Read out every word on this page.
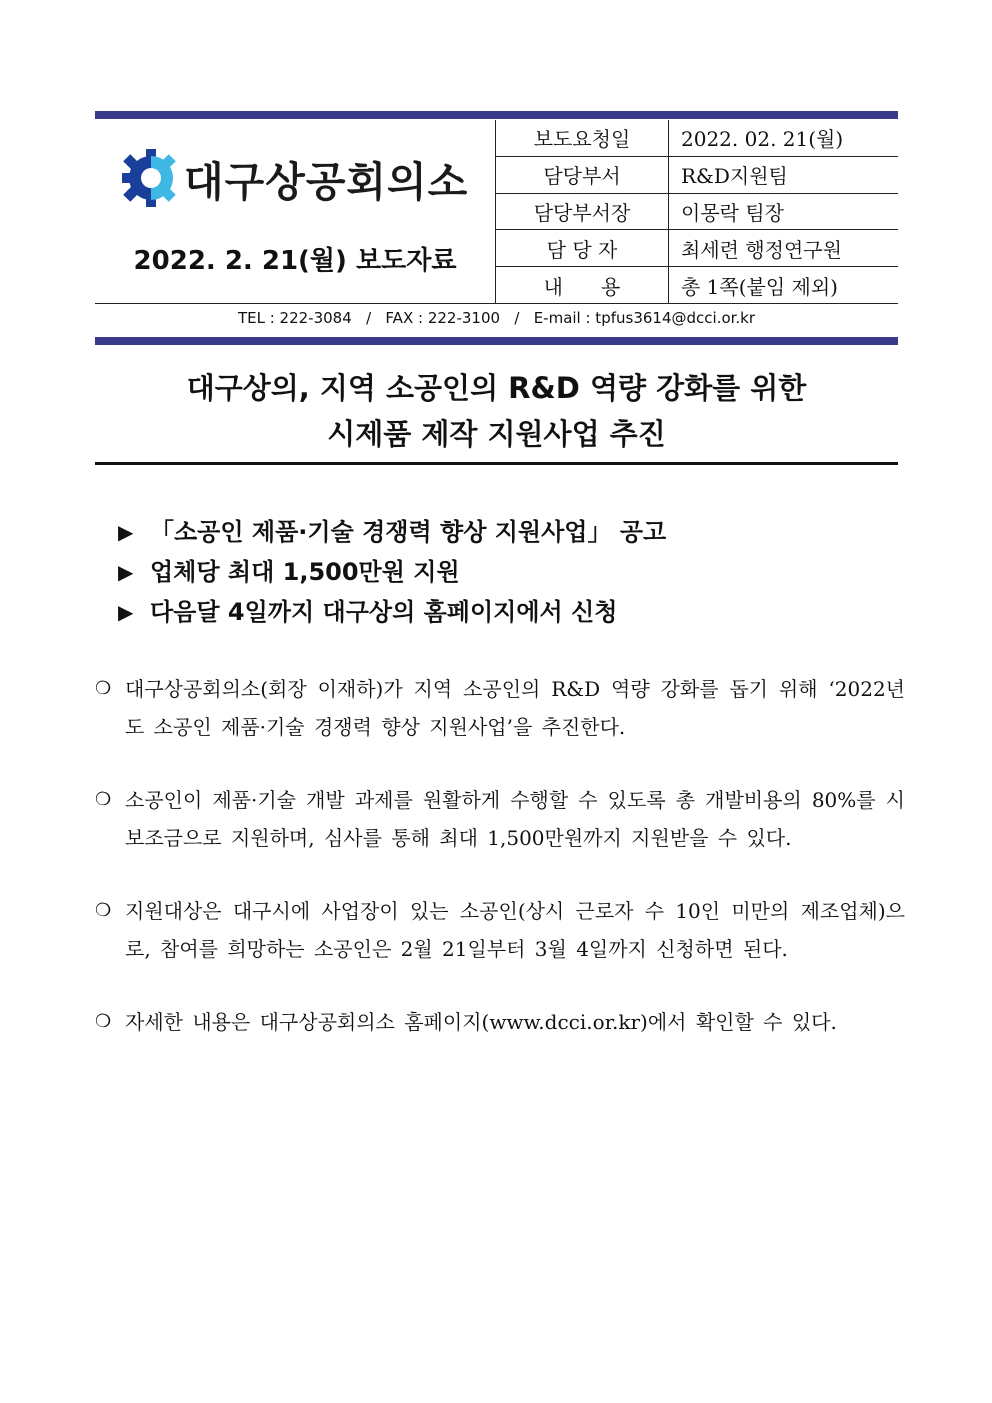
대구상공회의소
2022. 2. 21(월) 보도자료
보도요청일	2022. 02. 21(월)
담당부서	R&D지원팀
담당부서장	이몽락 팀장
담 당 자	최세련 행정연구원
내      용	총 1쪽(붙임 제외)
TEL : 222-3084   /   FAX : 222-3100   /   E-mail : tpfus3614@dcci.or.kr
대구상의, 지역 소공인의 R&D 역량 강화를 위한
시제품 제작 지원사업 추진
▶ 「소공인 제품·기술 경쟁력 향상 지원사업」 공고
▶ 업체당 최대 1,500만원 지원
▶ 다음달 4일까지 대구상의 홈페이지에서 신청
❍ 대구상공회의소(회장 이재하)가 지역 소공인의 R&D 역량 강화를 돕기 위해 ‘2022년도 소공인 제품·기술 경쟁력 향상 지원사업’을 추진한다.
❍ 소공인이 제품·기술 개발 과제를 원활하게 수행할 수 있도록 총 개발비용의 80%를 시보조금으로 지원하며, 심사를 통해 최대 1,500만원까지 지원받을 수 있다.
❍ 지원대상은 대구시에 사업장이 있는 소공인(상시 근로자 수 10인 미만의 제조업체)으로, 참여를 희망하는 소공인은 2월 21일부터 3월 4일까지 신청하면 된다.
❍ 자세한 내용은 대구상공회의소 홈페이지(www.dcci.or.kr)에서 확인할 수 있다.
